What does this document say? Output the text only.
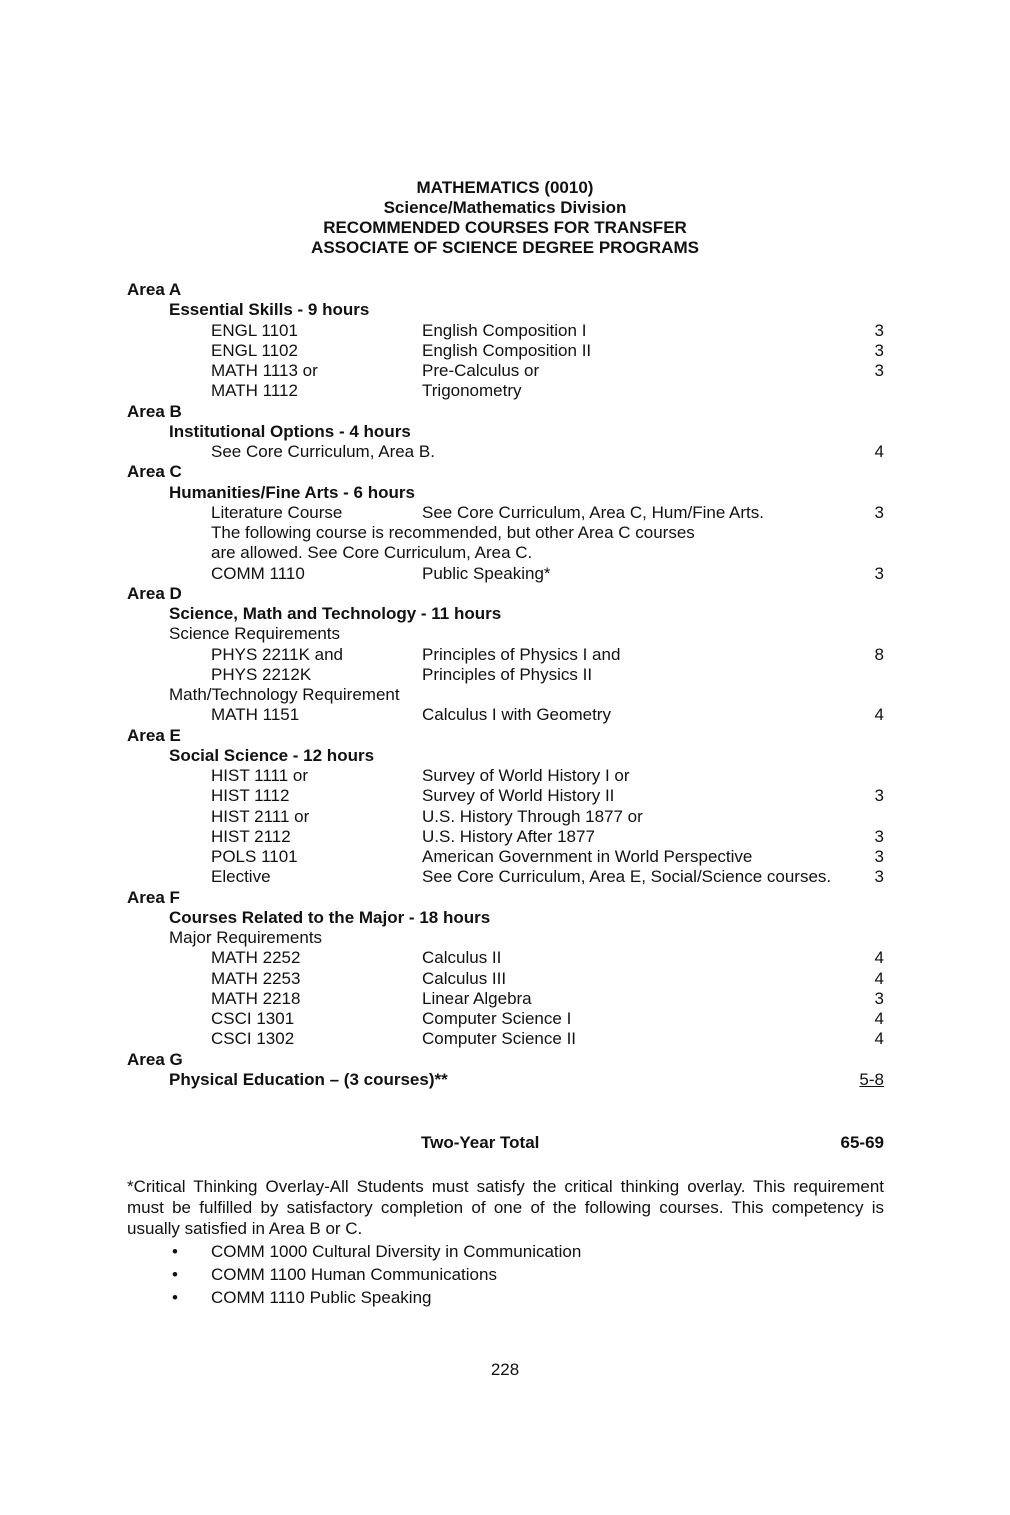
MATHEMATICS (0010)
Science/Mathematics Division
RECOMMENDED COURSES FOR TRANSFER
ASSOCIATE OF SCIENCE DEGREE PROGRAMS
Area A
Essential Skills - 9 hours
ENGL 1101	English Composition I	3
ENGL 1102	English Composition II	3
MATH 1113 or	Pre-Calculus or	3
MATH 1112	Trigonometry
Area B
Institutional Options - 4 hours
See Core Curriculum, Area B.	4
Area C
Humanities/Fine Arts - 6 hours
Literature Course	See Core Curriculum, Area C, Hum/Fine Arts.	3
The following course is recommended, but other Area C courses
are allowed. See Core Curriculum, Area C.
COMM 1110	Public Speaking*	3
Area D
Science, Math and Technology - 11 hours
Science Requirements
PHYS 2211K and	Principles of Physics I and	8
PHYS 2212K	Principles of Physics II
Math/Technology Requirement
MATH 1151	Calculus I with Geometry	4
Area E
Social Science - 12 hours
HIST 1111 or	Survey of World History I or
HIST 1112	Survey of World History II	3
HIST 2111 or	U.S. History Through 1877 or
HIST 2112	U.S. History After 1877	3
POLS 1101	American Government in World Perspective	3
Elective	See Core Curriculum, Area E, Social/Science courses.	3
Area F
Courses Related to the Major - 18 hours
Major Requirements
MATH 2252	Calculus II	4
MATH 2253	Calculus III	4
MATH 2218	Linear Algebra	3
CSCI 1301	Computer Science I	4
CSCI 1302	Computer Science II	4
Area G
Physical Education – (3 courses)**	5-8
Two-Year Total	65-69
*Critical Thinking Overlay-All Students must satisfy the critical thinking overlay. This requirement must be fulfilled by satisfactory completion of one of the following courses. This competency is usually satisfied in Area B or C.
• COMM 1000 Cultural Diversity in Communication
• COMM 1100 Human Communications
• COMM 1110 Public Speaking
228
